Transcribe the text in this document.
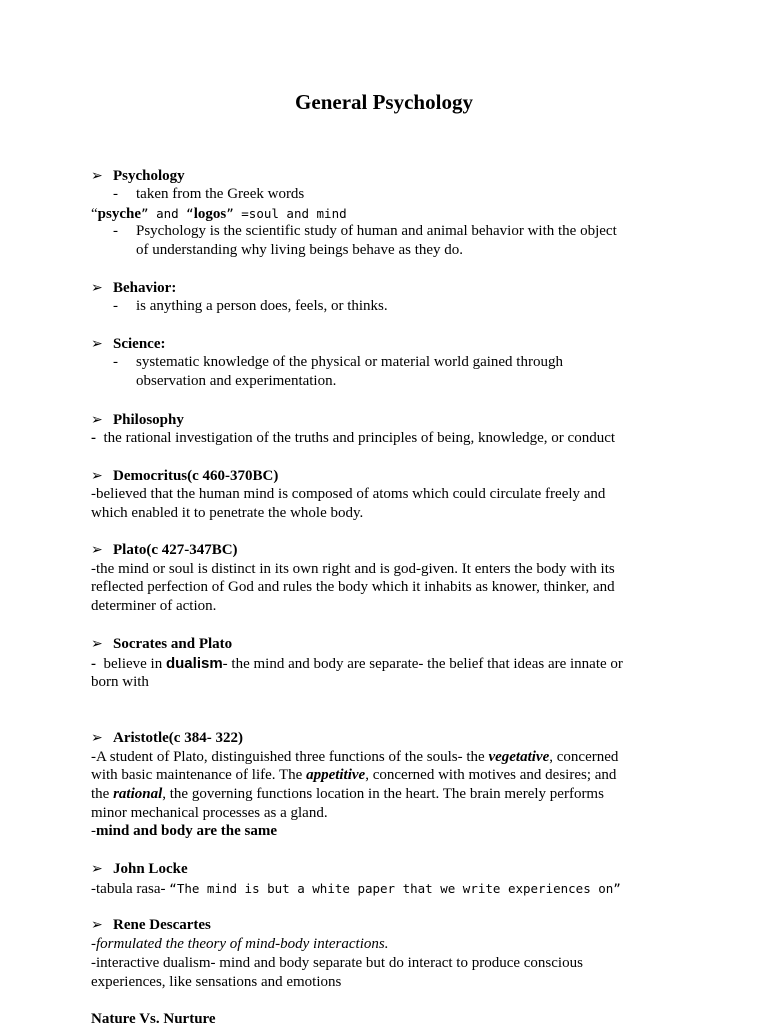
General Psychology
➢ Psychology
- taken from the Greek words
“psyche” and “logos” =soul and mind
- Psychology is the scientific study of human and animal behavior with the object
of understanding why living beings behave as they do.
➢ Behavior:
- is anything a person does, feels, or thinks.
➢ Science:
- systematic knowledge of the physical or material world gained through
observation and experimentation.
➢ Philosophy
- the rational investigation of the truths and principles of being, knowledge, or conduct
➢ Democritus(c 460-370BC)
-believed that the human mind is composed of atoms which could circulate freely and
which enabled it to penetrate the whole body.
➢ Plato(c 427-347BC)
-the mind or soul is distinct in its own right and is god-given. It enters the body with its
reflected perfection of God and rules the body which it inhabits as knower, thinker, and
determiner of action.
➢ Socrates and Plato
- believe in dualism- the mind and body are separate- the belief that ideas are innate or
born with
➢ Aristotle(c 384- 322)
-A student of Plato, distinguished three functions of the souls- the vegetative, concerned
with basic maintenance of life. The appetitive, concerned with motives and desires; and
the rational, the governing functions location in the heart. The brain merely performs
minor mechanical processes as a gland.
-mind and body are the same
➢ John Locke
-tabula rasa- “The mind is but a white paper that we write experiences on”
➢ Rene Descartes
-formulated the theory of mind-body interactions.
-interactive dualism- mind and body separate but do interact to produce conscious
experiences, like sensations and emotions
Nature Vs. Nurture
